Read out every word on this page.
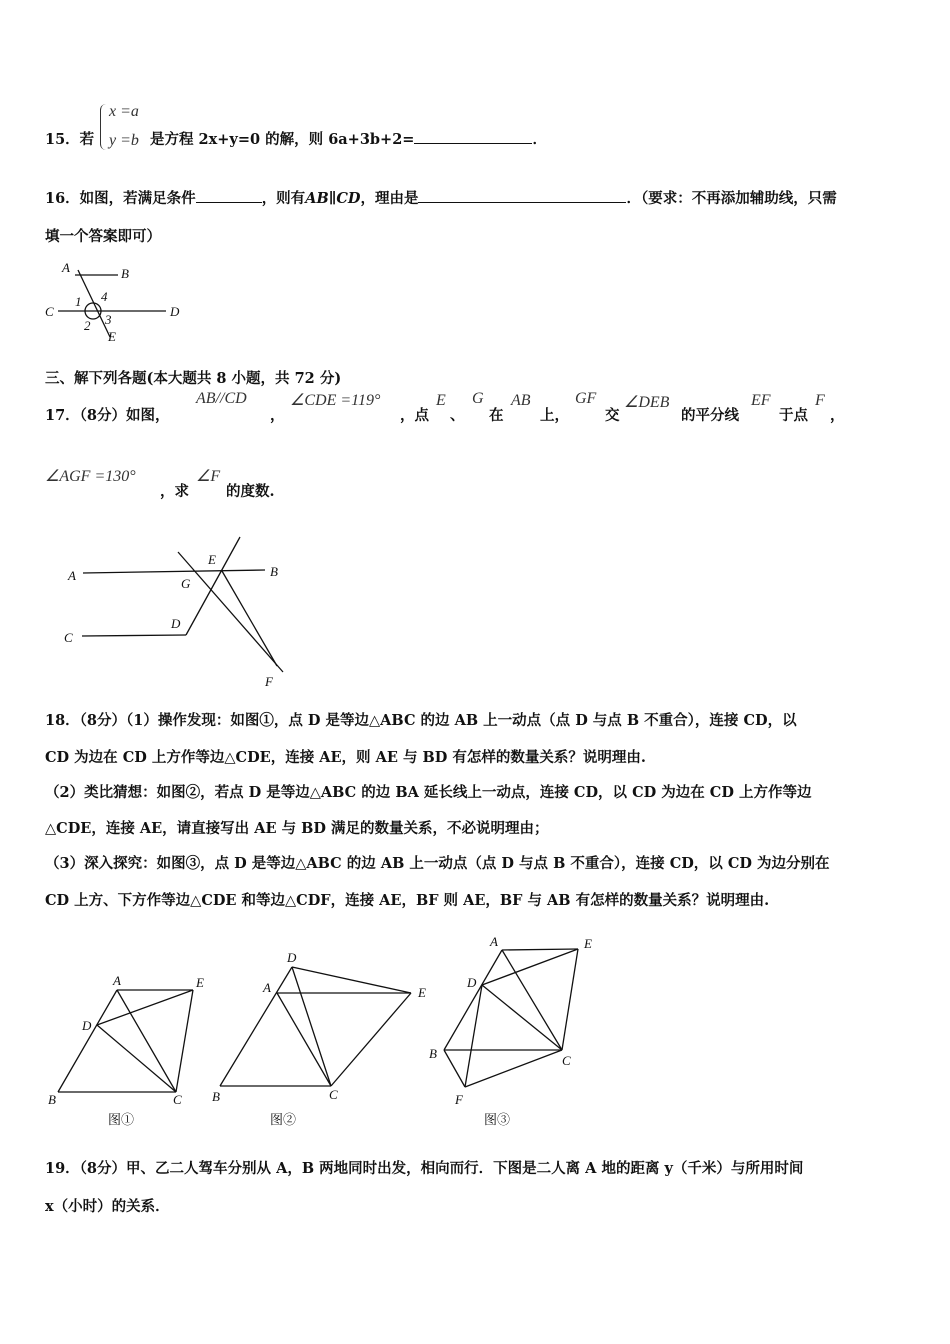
15．若
x =a
y =b 是方程 2x+y=0 的解，则 6a+3b+2=	．
16．如图，若满足条件	，则有AB∥CD，理由是	．（要求：不再添加辅助线，只需
填一个答案即可）
三、解下列各题(本大题共 8 小题，共 72 分)
17．（8分）如图，
AB//CD
，
∠CDE =119°
，点
E
、
G
在
AB
上，
GF
交
∠DEB
的平分线
EF
于点
F
，
∠AGF =130°
，求
∠F
的度数.
18．（8分）（1）操作发现：如图①，点 D 是等边△ABC 的边 AB 上一动点（点 D 与点 B 不重合），连接 CD，以
CD 为边在 CD 上方作等边△CDE，连接 AE，则 AE 与 BD 有怎样的数量关系？说明理由.
（2）类比猜想：如图②，若点 D 是等边△ABC 的边 BA 延长线上一动点，连接 CD，以 CD 为边在 CD 上方作等边
△CDE，连接 AE，请直接写出 AE 与 BD 满足的数量关系，不必说明理由；
（3）深入探究：如图③，点 D 是等边△ABC 的边 AB 上一动点（点 D 与点 B 不重合），连接 CD，以 CD 为边分别在
CD 上方、下方作等边△CDE 和等边△CDF，连接 AE，BF 则 AE，BF 与 AB 有怎样的数量关系？说明理由.
19．（8分）甲、乙二人驾车分别从 A，B 两地同时出发，相向而行．下图是二人离 A 地的距离 y（千米）与所用时间
x（小时）的关系．
A	B
C	D
E
1 4
2 3
A	B
C
D
E
G
F
A	E
D
B	C
图①
D
A	E
B	C
图②
A	E
D
B	C
F
图③
